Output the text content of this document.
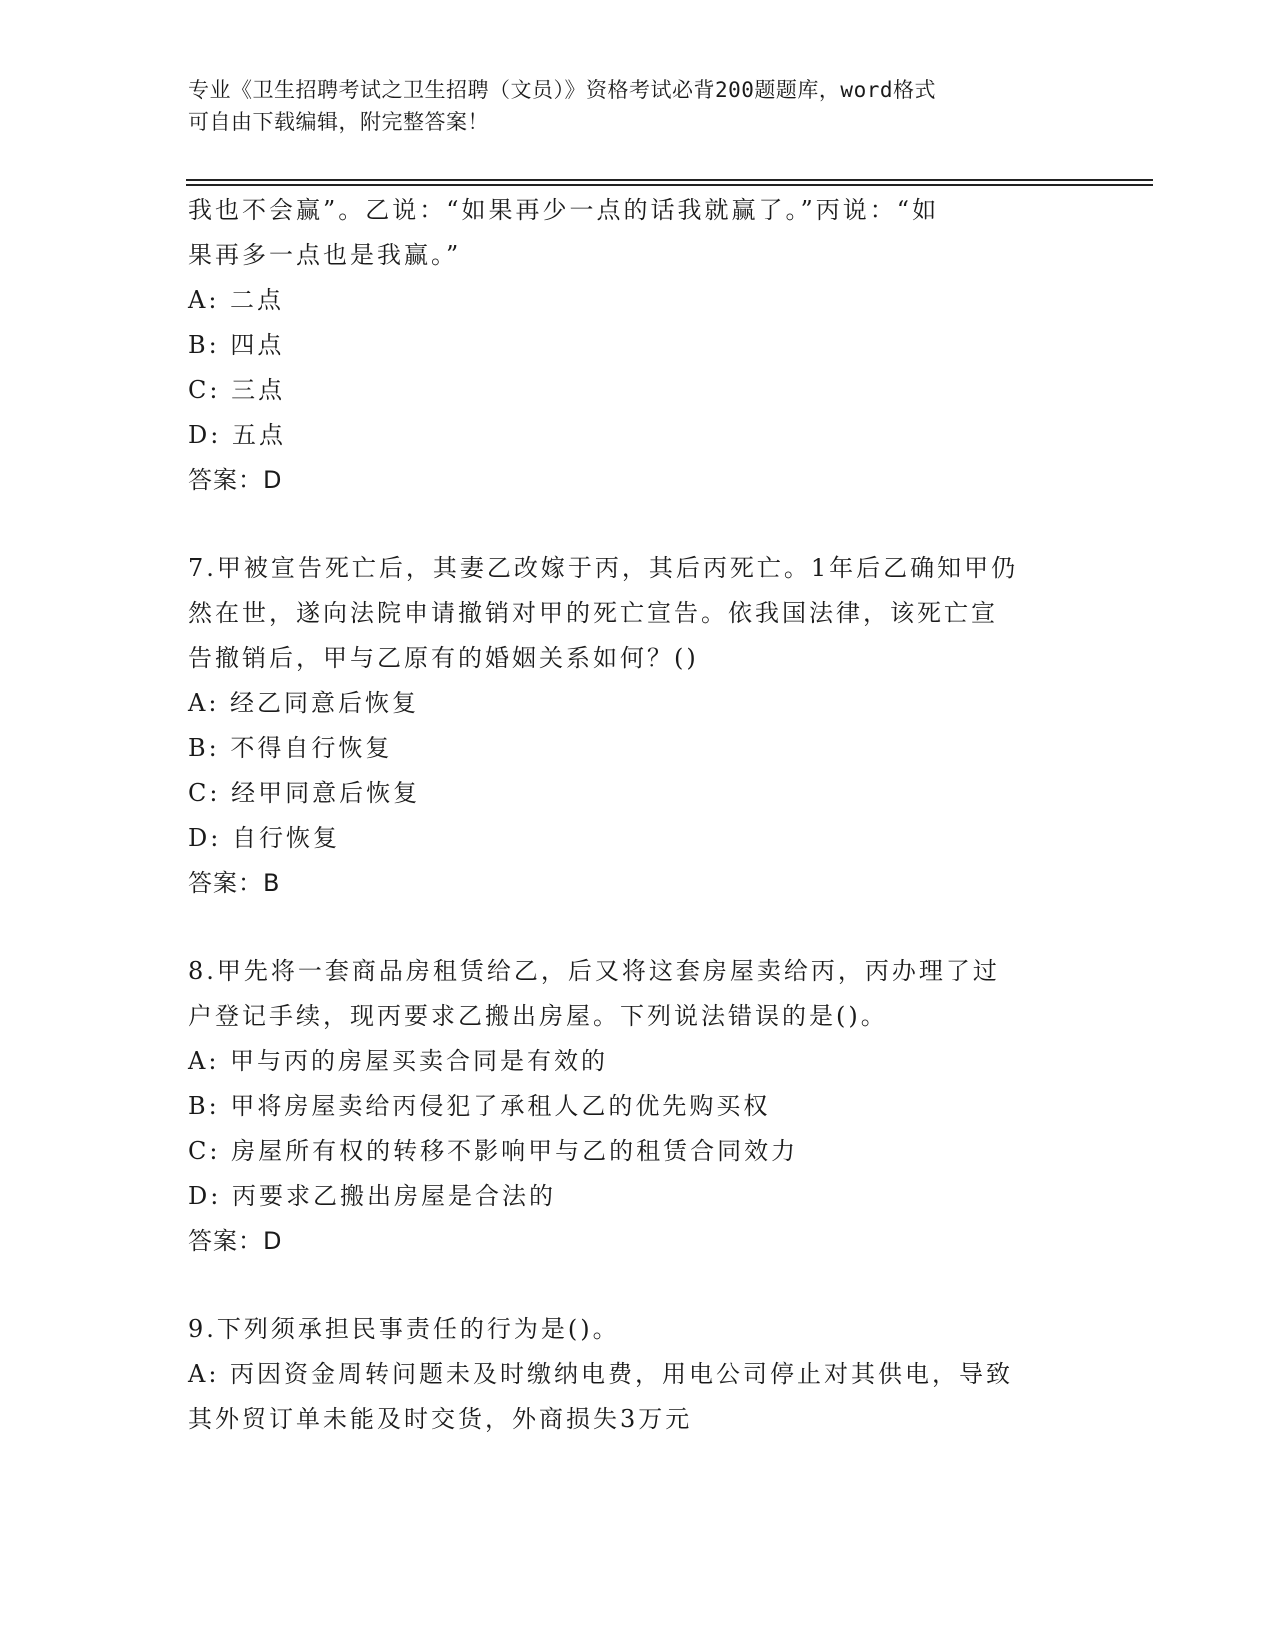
专业《卫生招聘考试之卫生招聘（文员）》资格考试必背200题题库，word格式
可自由下载编辑，附完整答案！
我也不会赢”。乙说：“如果再少一点的话我就赢了。”丙说：“如
果再多一点也是我赢。”
A: 二点
B: 四点
C: 三点
D: 五点
答案：D
7.甲被宣告死亡后，其妻乙改嫁于丙，其后丙死亡。1年后乙确知甲仍
然在世，遂向法院申请撤销对甲的死亡宣告。依我国法律，该死亡宣
告撤销后，甲与乙原有的婚姻关系如何？()
A: 经乙同意后恢复
B: 不得自行恢复
C: 经甲同意后恢复
D: 自行恢复
答案：B
8.甲先将一套商品房租赁给乙，后又将这套房屋卖给丙，丙办理了过
户登记手续，现丙要求乙搬出房屋。下列说法错误的是()。
A: 甲与丙的房屋买卖合同是有效的
B: 甲将房屋卖给丙侵犯了承租人乙的优先购买权
C: 房屋所有权的转移不影响甲与乙的租赁合同效力
D: 丙要求乙搬出房屋是合法的
答案：D
9.下列须承担民事责任的行为是()。
A: 丙因资金周转问题未及时缴纳电费，用电公司停止对其供电，导致
其外贸订单未能及时交货，外商损失3万元
